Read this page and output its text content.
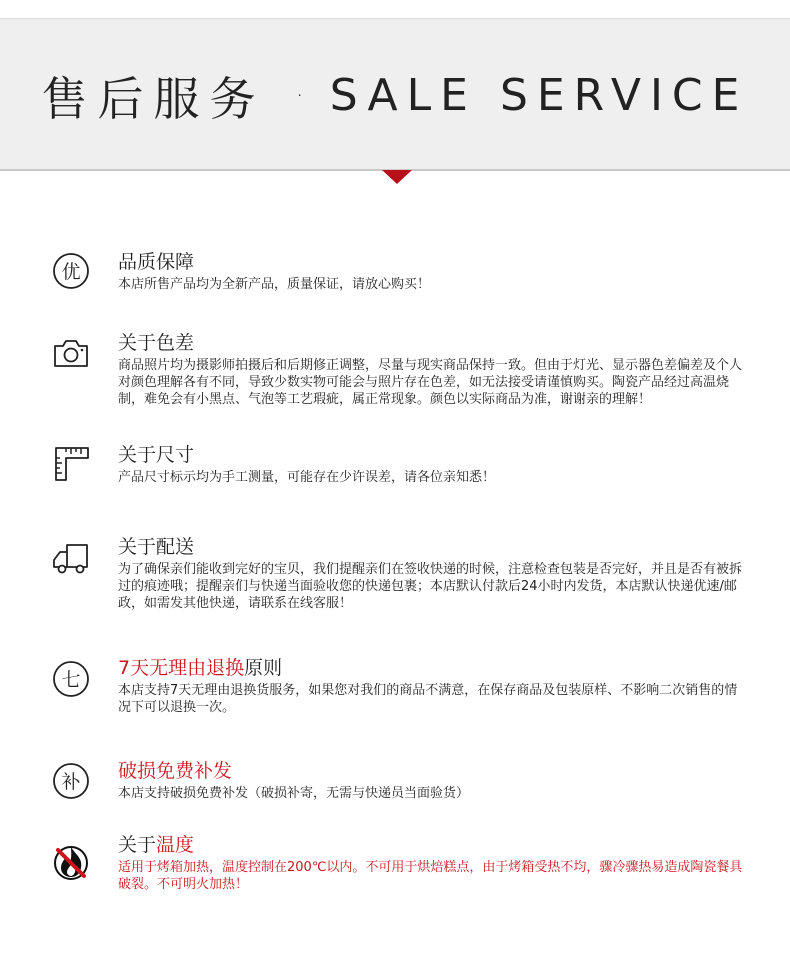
售后服务 · SALE SERVICE
优 品质保障
本店所售产品均为全新产品，质量保证，请放心购买！
关于色差
商品照片均为摄影师拍摄后和后期修正调整，尽量与现实商品保持一致。但由于灯光、显示器色差偏差及个人对颜色理解各有不同，导致少数实物可能会与照片存在色差，如无法接受请谨慎购买。陶瓷产品经过高温烧制，难免会有小黑点、气泡等工艺瑕疵，属正常现象。颜色以实际商品为准，谢谢亲的理解！
关于尺寸
产品尺寸标示均为手工测量，可能存在少许误差，请各位亲知悉！
关于配送
为了确保亲们能收到完好的宝贝，我们提醒亲们在签收快递的时候，注意检查包装是否完好，并且是否有被拆过的痕迹哦；提醒亲们与快递当面验收您的快递包裹；本店默认付款后24小时内发货，本店默认快递优速/邮政，如需发其他快递，请联系在线客服！
七
7天无理由退换原则
本店支持7天无理由退换货服务，如果您对我们的商品不满意，在保存商品及包装原样、不影响二次销售的情况下可以退换一次。
补 破损免费补发
本店支持破损免费补发（破损补寄，无需与快递员当面验货）
关于温度
适用于烤箱加热，温度控制在200℃以内。不可用于烘焙糕点，由于烤箱受热不均，骤冷骤热易造成陶瓷餐具破裂。不可明火加热！
